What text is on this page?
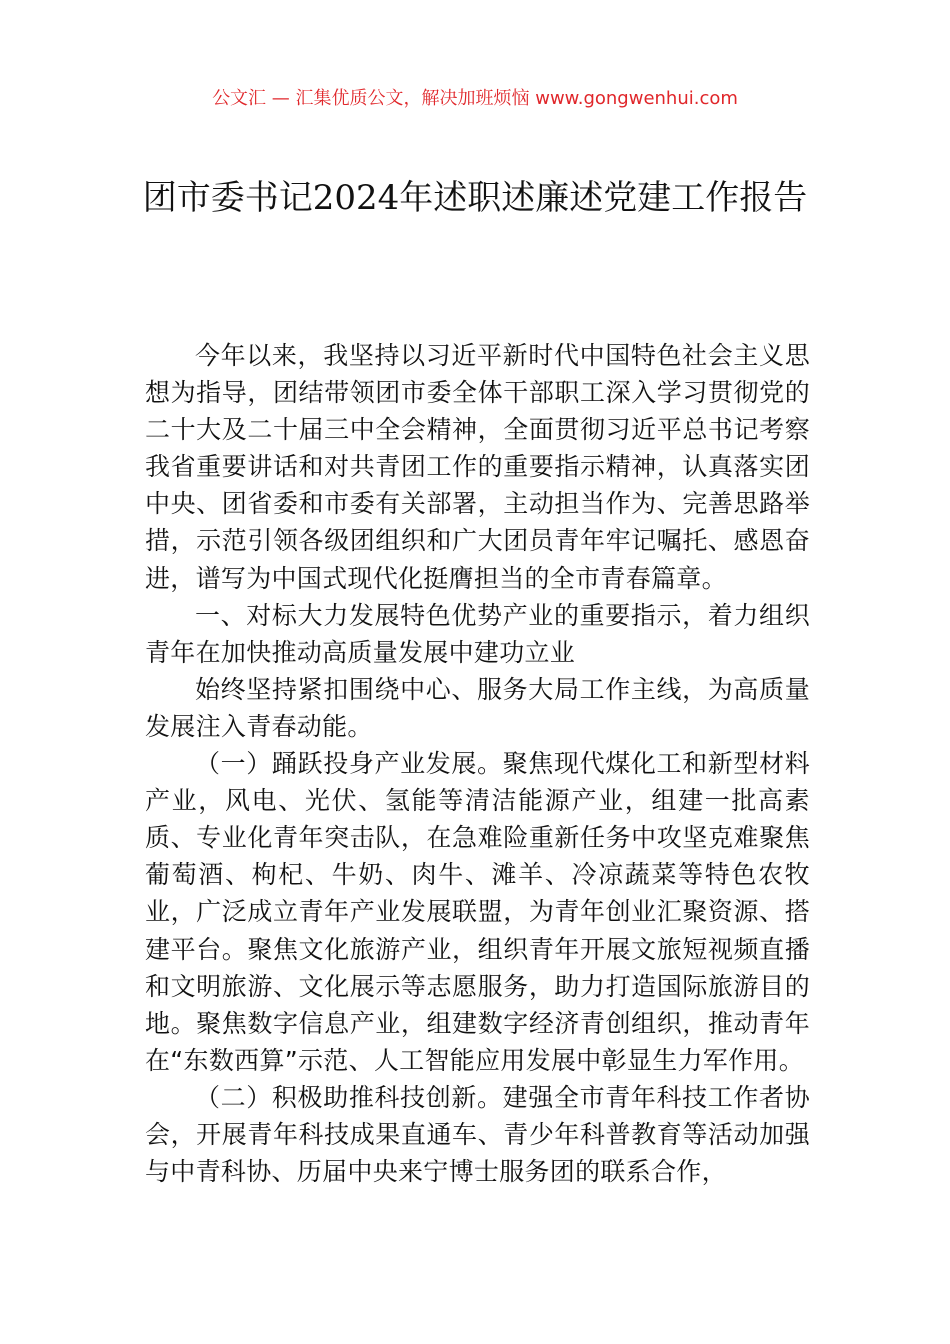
公文汇 — 汇集优质公文，解决加班烦恼 www.gongwenhui.com
团市委书记2024年述职述廉述党建工作报告

今年以来，我坚持以习近平新时代中国特色社会主义思想为指导，团结带领团市委全体干部职工深入学习贯彻党的二十大及二十届三中全会精神，全面贯彻习近平总书记考察我省重要讲话和对共青团工作的重要指示精神，认真落实团中央、团省委和市委有关部署，主动担当作为、完善思路举措，示范引领各级团组织和广大团员青年牢记嘱托、感恩奋进，谱写为中国式现代化挺膺担当的全市青春篇章。

一、对标大力发展特色优势产业的重要指示，着力组织青年在加快推动高质量发展中建功立业

始终坚持紧扣围绕中心、服务大局工作主线，为高质量发展注入青春动能。

（一）踊跃投身产业发展。聚焦现代煤化工和新型材料产业，风电、光伏、氢能等清洁能源产业，组建一批高素质、专业化青年突击队，在急难险重新任务中攻坚克难聚焦葡萄酒、枸杞、牛奶、肉牛、滩羊、冷凉蔬菜等特色农牧业，广泛成立青年产业发展联盟，为青年创业汇聚资源、搭建平台。聚焦文化旅游产业，组织青年开展文旅短视频直播和文明旅游、文化展示等志愿服务，助力打造国际旅游目的地。聚焦数字信息产业，组建数字经济青创组织，推动青年在“东数西算”示范、人工智能应用发展中彰显生力军作用。

（二）积极助推科技创新。建强全市青年科技工作者协会，开展青年科技成果直通车、青少年科普教育等活动加强与中青科协、历届中央来宁博士服务团的联系合作，
